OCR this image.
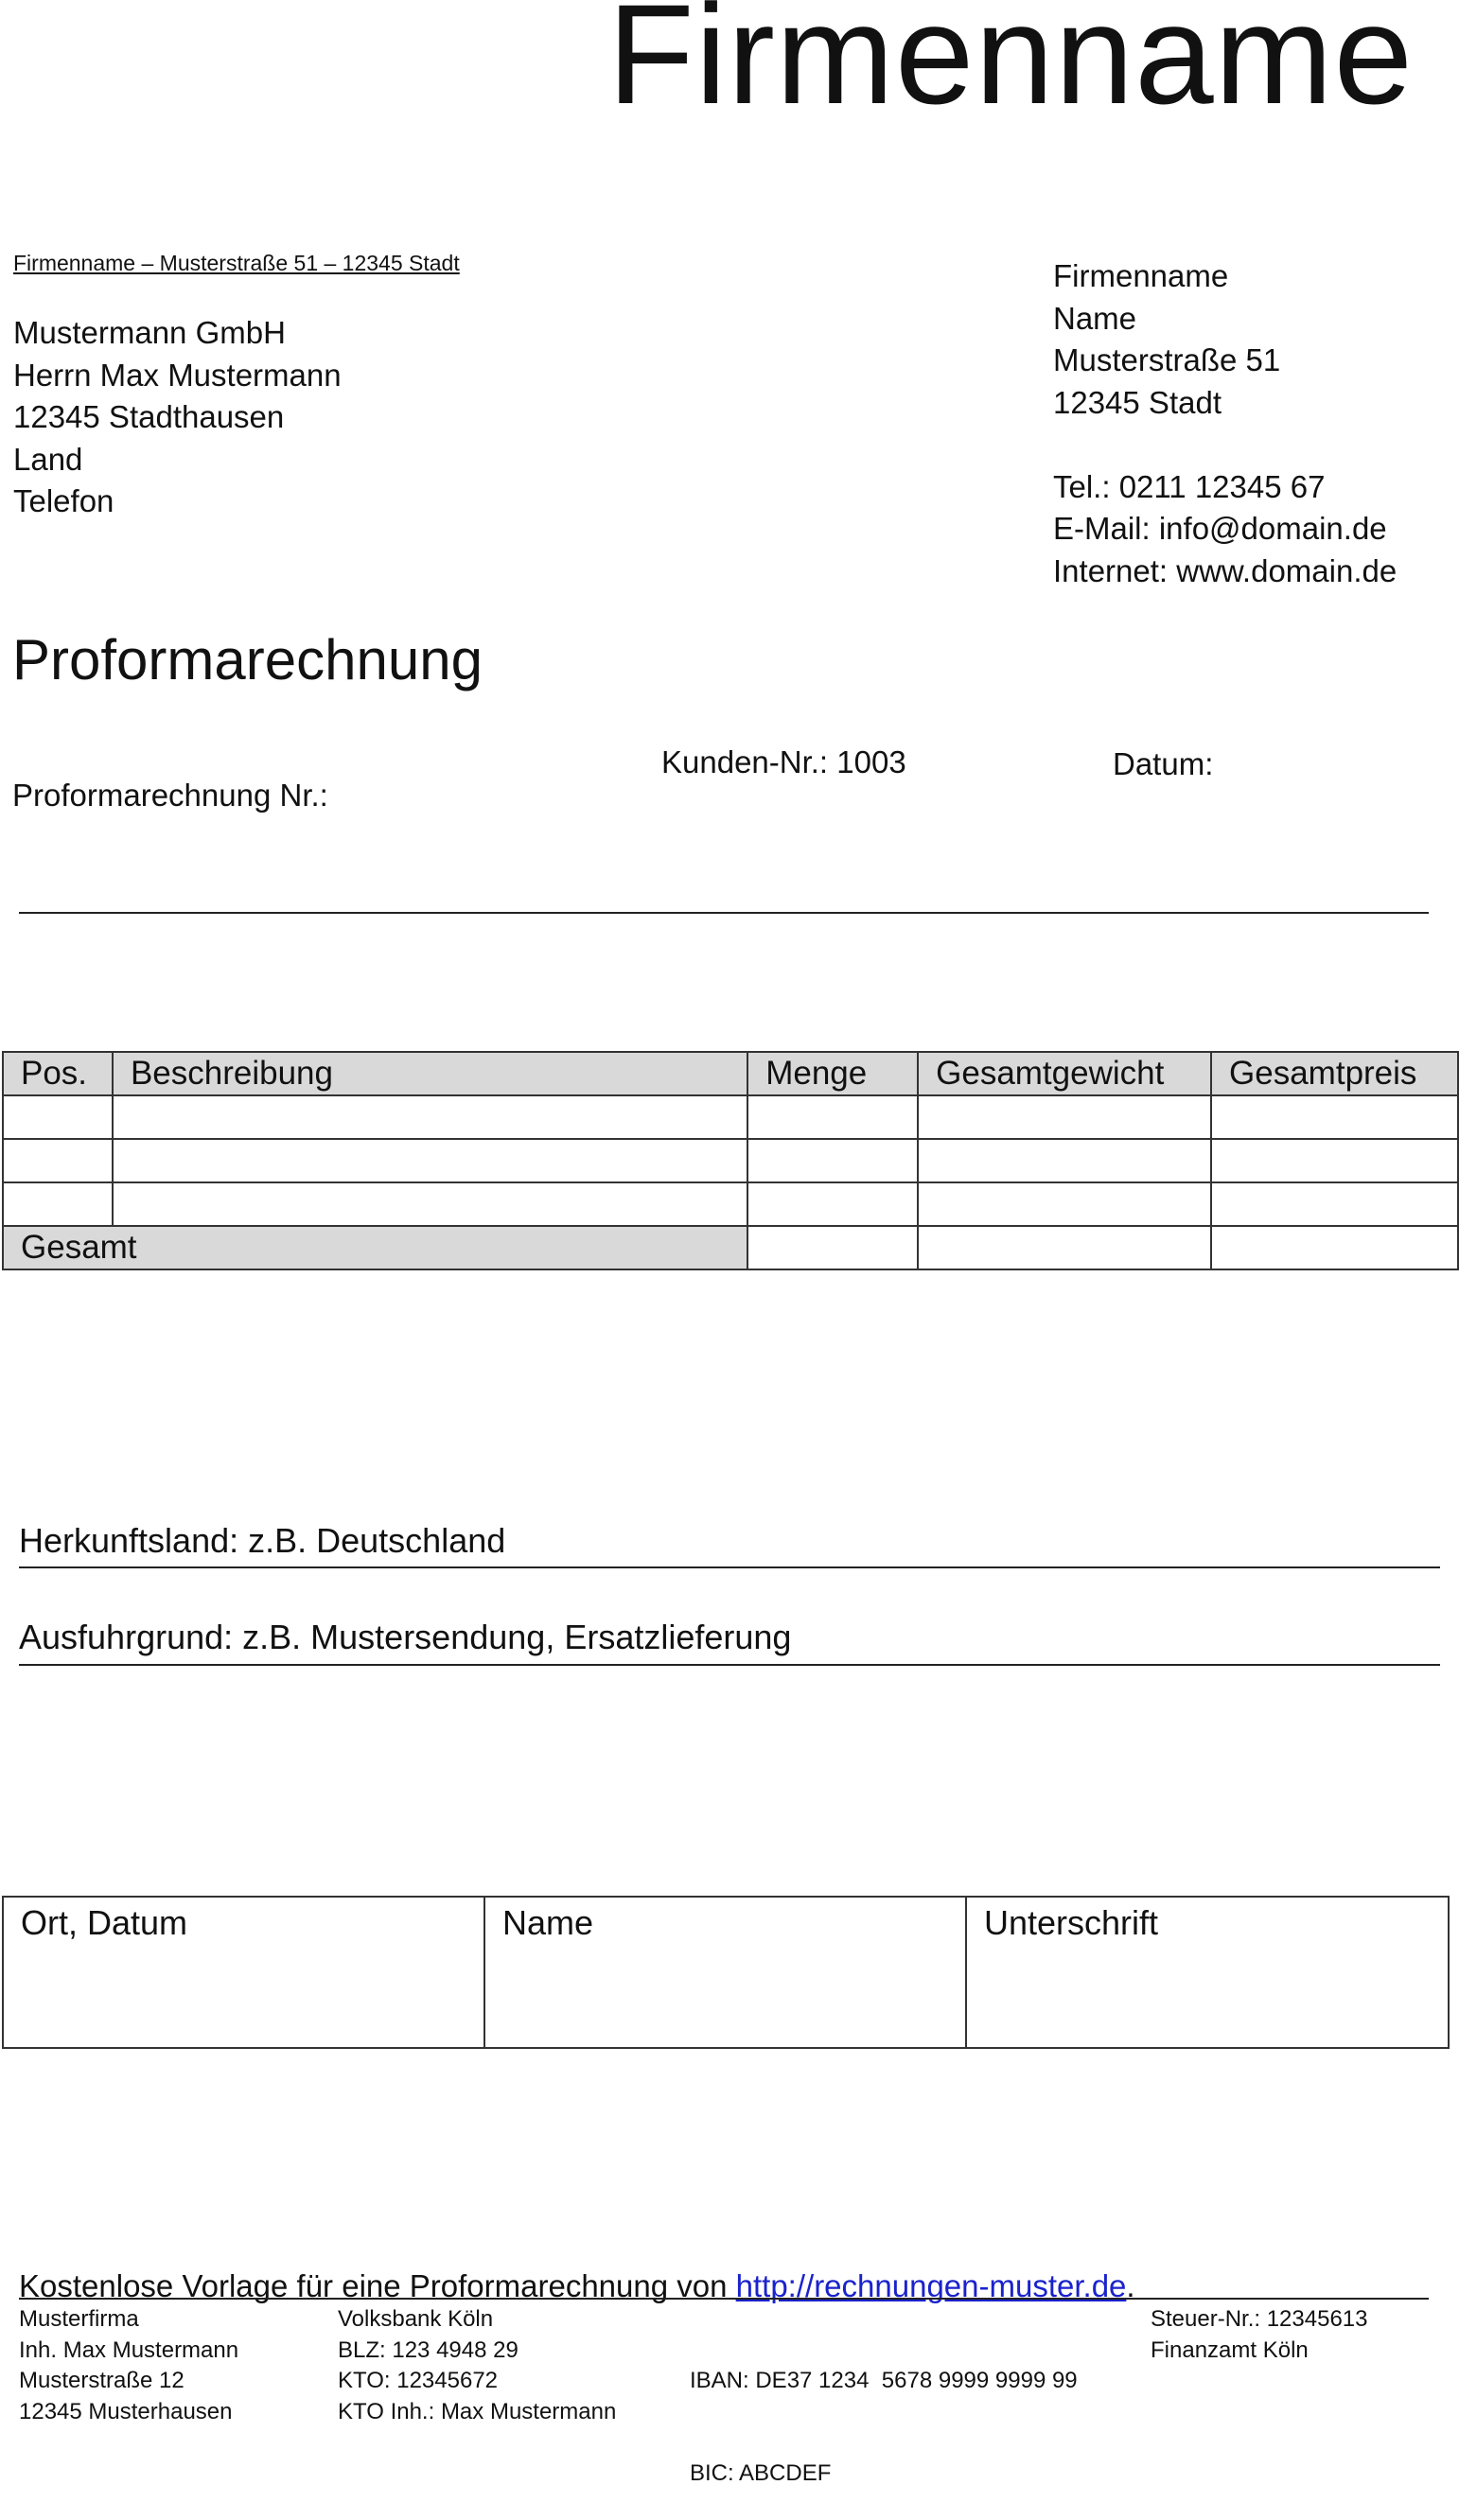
Firmenname
Firmenname – Musterstraße 51 – 12345 Stadt
Mustermann GmbH
Herrn Max Mustermann
12345 Stadthausen
Land
Telefon
Firmenname
Name
Musterstraße 51
12345 Stadt
Tel.: 0211 12345 67
E-Mail: info@domain.de
Internet: www.domain.de
Proformarechnung
Proformarechnung Nr.:
Kunden-Nr.: 1003	Datum:
Pos.	Beschreibung	Menge	Gesamtgewicht	Gesamtpreis

Gesamt				
Herkunftsland: z.B. Deutschland
Ausfuhrgrund: z.B. Mustersendung, Ersatzlieferung
Ort, Datum	Name	Unterschrift
Kostenlose Vorlage für eine Proformarechnung von http://rechnungen-muster.de.
Musterfirma
Inh. Max Mustermann
Musterstraße 12
12345 Musterhausen
Volksbank Köln
BLZ: 123 4948 29
KTO: 12345672
KTO Inh.: Max Mustermann

IBAN: DE37 1234  5678 9999 9999 99

BIC: ABCDEF

Steuer-Nr.: 12345613
Finanzamt Köln
